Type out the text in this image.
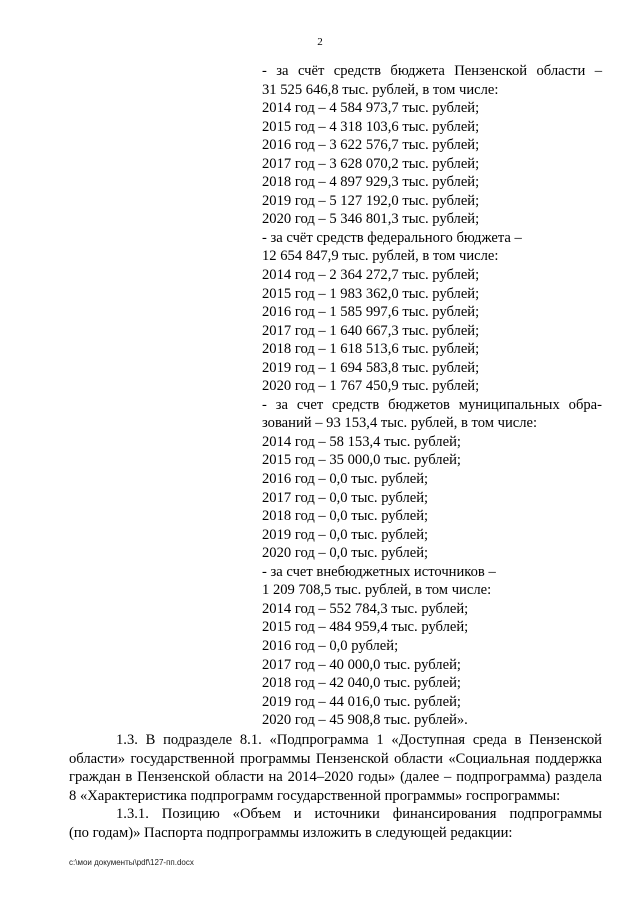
2
- за счёт средств бюджета Пензенской области –
31 525 646,8 тыс. рублей, в том числе:
2014 год – 4 584 973,7 тыс. рублей;
2015 год – 4 318 103,6 тыс. рублей;
2016 год – 3 622 576,7 тыс. рублей;
2017 год – 3 628 070,2 тыс. рублей;
2018 год – 4 897 929,3 тыс. рублей;
2019 год – 5 127 192,0 тыс. рублей;
2020 год – 5 346 801,3 тыс. рублей;
- за счёт средств федерального бюджета –
12 654 847,9 тыс. рублей, в том числе:
2014 год – 2 364 272,7 тыс. рублей;
2015 год – 1 983 362,0 тыс. рублей;
2016 год – 1 585 997,6 тыс. рублей;
2017 год – 1 640 667,3 тыс. рублей;
2018 год – 1 618 513,6 тыс. рублей;
2019 год – 1 694 583,8 тыс. рублей;
2020 год – 1 767 450,9 тыс. рублей;
- за счет средств бюджетов муниципальных обра-
зований – 93 153,4 тыс. рублей, в том числе:
2014 год – 58 153,4 тыс. рублей;
2015 год – 35 000,0 тыс. рублей;
2016 год – 0,0 тыс. рублей;
2017 год – 0,0 тыс. рублей;
2018 год – 0,0 тыс. рублей;
2019 год – 0,0 тыс. рублей;
2020 год – 0,0 тыс. рублей;
- за счет внебюджетных источников –
1 209 708,5 тыс. рублей, в том числе:
2014 год – 552 784,3 тыс. рублей;
2015 год – 484 959,4 тыс. рублей;
2016 год – 0,0 рублей;
2017 год – 40 000,0 тыс. рублей;
2018 год – 42 040,0 тыс. рублей;
2019 год – 44 016,0 тыс. рублей;
2020 год – 45 908,8 тыс. рублей».
1.3. В подразделе 8.1. «Подпрограмма 1 «Доступная среда в Пензенской
области» государственной программы Пензенской области «Социальная поддержка
граждан в Пензенской области на 2014–2020 годы» (далее – подпрограмма) раздела
8 «Характеристика подпрограмм государственной программы» госпрограммы:
1.3.1. Позицию «Объем и источники финансирования подпрограммы
(по годам)» Паспорта подпрограммы изложить в следующей редакции:
c:\мои документы\pdf\127-пп.docx
